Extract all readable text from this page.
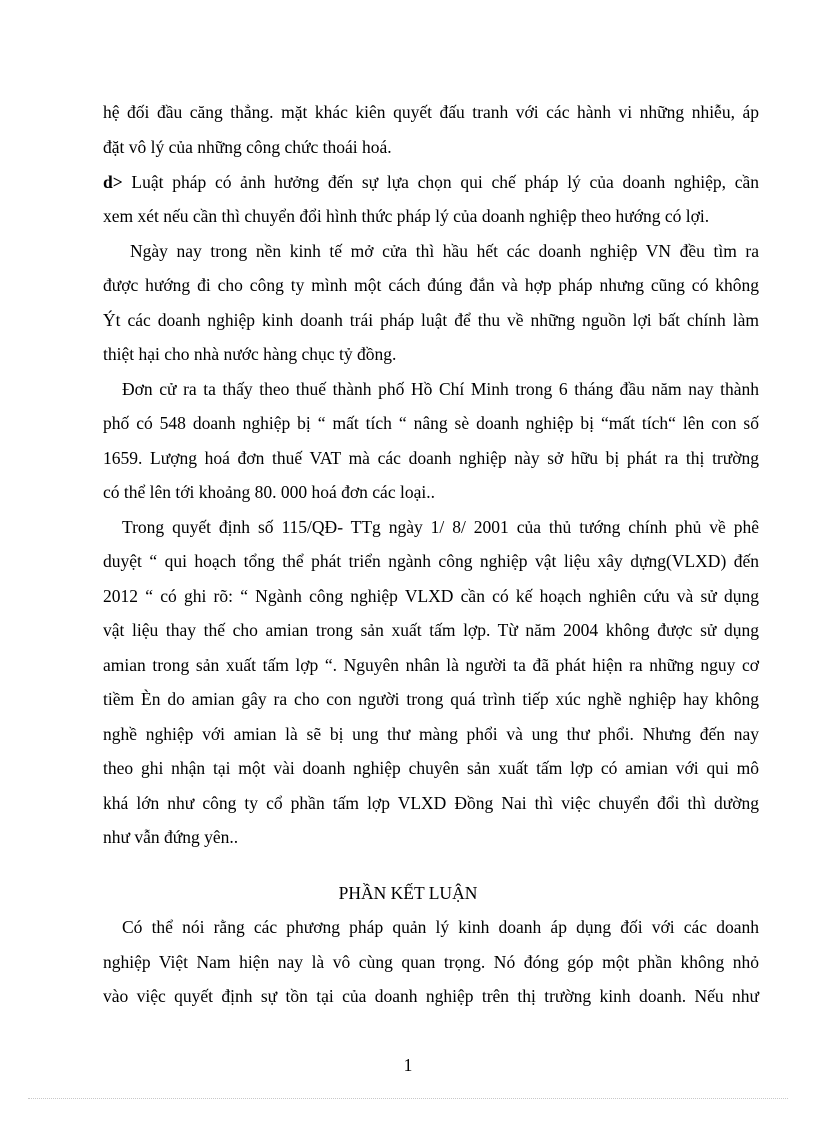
hệ đối đầu căng thẳng. mặt khác kiên quyết đấu tranh với các hành vi những nhiễu, áp
đặt vô lý của những công chức thoái hoá.
d> Luật pháp có ảnh hưởng đến sự lựa chọn qui chế pháp lý của doanh nghiệp, cần
xem xét nếu cần thì chuyển đổi hình thức pháp lý của doanh nghiệp theo hướng có lợi.
Ngày nay trong nền kinh tế mở cửa thì hầu hết các doanh nghiệp VN đều tìm ra
được hướng đi cho công ty mình một cách đúng đắn và hợp pháp nhưng cũng có không
Ýt các doanh nghiệp kinh doanh trái pháp luật để thu về những nguồn lợi bất chính làm
thiệt hại cho nhà nước hàng chục tỷ đồng.
Đơn cử ra ta thấy theo thuế thành phố Hồ Chí Minh trong 6 tháng đầu năm nay thành
phố có 548 doanh nghiệp bị “ mất tích “ nâng sè doanh nghiệp bị “mất tích“ lên con số
1659. Lượng hoá đơn thuế VAT mà các doanh nghiệp này sở hữu bị phát ra thị trường
có thể lên tới khoảng 80. 000 hoá đơn các loại..
Trong quyết định số 115/QĐ- TTg ngày 1/ 8/ 2001 của thủ tướng chính phủ về phê
duyệt “ qui hoạch tổng thể phát triển ngành công nghiệp vật liệu xây dựng(VLXD) đến
2012 “ có ghi rõ: “ Ngành công nghiệp VLXD cần có kế hoạch nghiên cứu và sử dụng
vật liệu thay thế cho amian trong sản xuất tấm lợp. Từ năm 2004 không được sử dụng
amian trong sản xuất tấm lợp “. Nguyên nhân là người ta đã phát hiện ra những nguy cơ
tiềm Èn do amian gây ra cho con người trong quá trình tiếp xúc nghề nghiệp hay không
nghề nghiệp với amian là sẽ bị ung thư màng phổi và ung thư phổi. Nhưng đến nay
theo ghi nhận tại một vài doanh nghiệp chuyên sản xuất tấm lợp có amian với qui mô
khá lớn như công ty cổ phần tấm lợp VLXD Đồng Nai thì việc chuyển đổi thì dường
như vẫn đứng yên..
PHẦN KẾT LUẬN
Có thể nói rằng các phương pháp quản lý kinh doanh áp dụng đối với các doanh
nghiệp Việt Nam hiện nay là vô cùng quan trọng. Nó đóng góp một phần không nhỏ
vào việc quyết định sự tồn tại của doanh nghiệp trên thị trường kinh doanh. Nếu như
1
